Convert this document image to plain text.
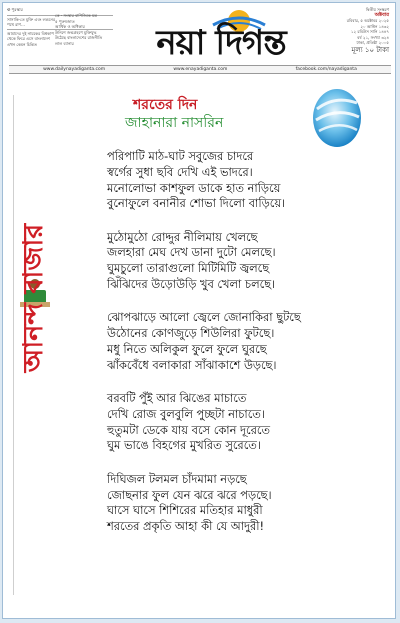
৩ পুরস্কার
সাসাকি-তে মুক্তি এবং লন্ডনের
পথে রাণ…
আমাদের দুই নায়কের বিশ্বকাপ
থেকে ফিরে এসে বাংলাদেশ
এখন কেমন চিন্তিত
কে - সংস্থার বাণিজ্যিক মন্ত্র
৫ পুরুষজাত
আর্থিক ও অধিকার
উনিশে জন্মগ্রহণে মুক্তিযুদ্ধ
উঠেছে বাংলাদেশের রাজনীতি
লাল ব্যানার	নয়া দিগন্ত
দ্বিতীয় সংস্করণ
অক্টবার
রবিবার, ৫ অক্টোবর ২০২৫
২০ আশ্বিন ১৪৩২
১২ রবিউস সানি ১৪৪৭
বর্ষ ২১, সংখ্যা ৩২৪
ঢাকা, প্রতিষ্ঠা ২০০৫
মূল্য ১০ টাকা
www.dailynayadiganta.com	www.enayadiganta.com	facebook.com/nayadiganta
আনন্দ বাজার
শরতের দিন
জাহানারা নাসরিন
পরিপাটি মাঠ-ঘাট সবুজের চাদরে
স্বর্গের সুধা ছবি দেখি এই ভাদরে।
মনোলোভা কাশফুল ডাকে হাত নাড়িয়ে
বুনোফুলে বনানীর শোভা দিলো বাড়িয়ে।
মুঠোমুঠো রোদ্দুর নীলিমায় খেলছে
জলহারা মেঘ দেখ ডানা দুটো মেলছে।
ঘুমচুলো তারাগুলো মিটিমিটি জ্বলছে
ঝিঁঝিদের উড়োউড়ি খুব খেলা চলছে।
ঝোপঝাড়ে আলো জ্বেলে জোনাকিরা ছুটছে
উঠোনের কোণজুড়ে শিউলিরা ফুটছে।
মধু নিতে অলিকুল ফুলে ফুলে ঘুরছে
ঝাঁকবেঁধে বলাকারা সাঁঝাকাশে উড়ছে।
বরবটি পুঁই আর ঝিঙের মাচাতে
দেখি রোজ বুলবুলি পুচ্ছটা নাচাতে।
হুতুমটা ডেকে যায় বসে কোন দূরেতে
ঘুম ভাঙে বিহগের মুখরিত সুরেতে।
দিঘিজল টলমল চাঁদমামা নড়ছে
জোছনার ফুল যেন ঝরে ঝরে পড়ছে।
ঘাসে ঘাসে শিশিরের মতিহার মাধুরী
শরতের প্রকৃতি আহা কী যে আদুরী!
